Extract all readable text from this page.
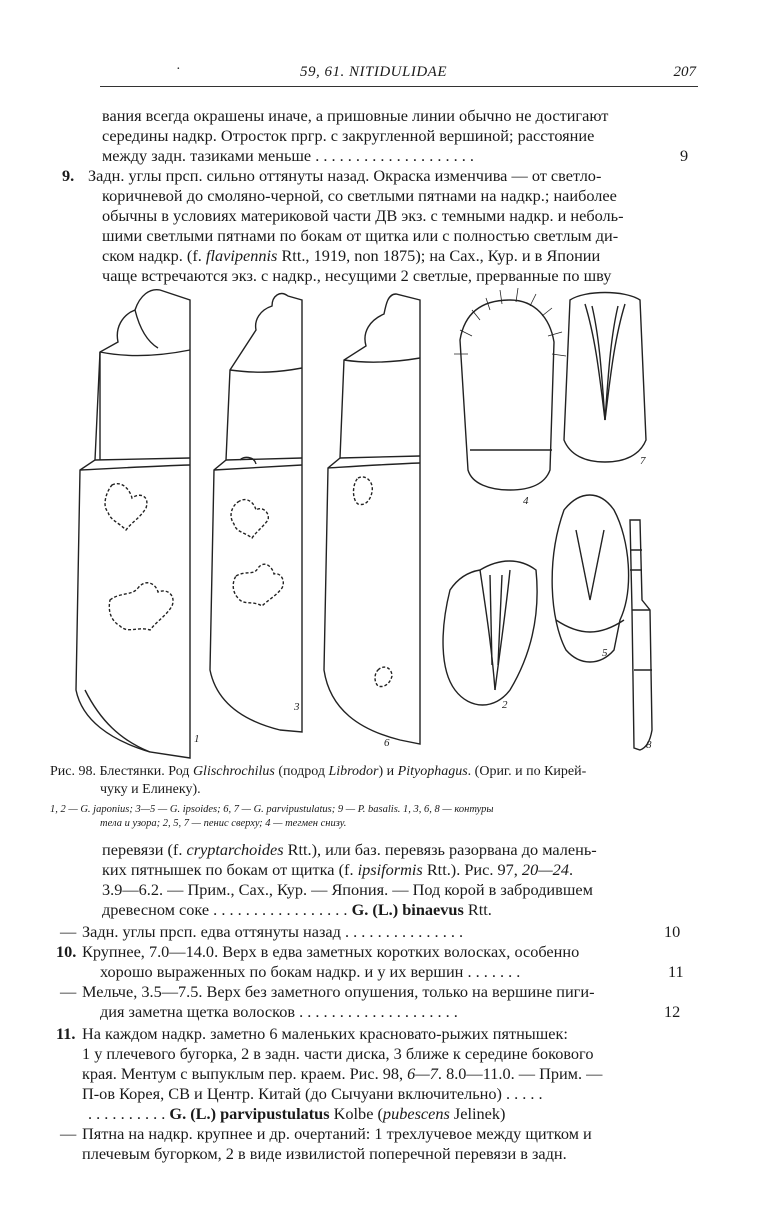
·	59, 61. NITIDULIDAE	207
вания всегда окрашены иначе, а пришовные линии обычно не достигают
середины надкр. Отросток пргр. с закругленной вершиной; расстояние
между задн. тазиками меньше . . . . . . . . . . . . . . . . . . . .	9
9. Задн. углы прсп. сильно оттянуты назад. Окраска изменчива — от светло-
коричневой до смоляно-черной, со светлыми пятнами на надкр.; наиболее
обычны в условиях материковой части ДВ экз. с темными надкр. и неболь-
шими светлыми пятнами по бокам от щитка или с полностью светлым ди-
ском надкр. (f. flavipennis Rtt., 1919, non 1875); на Сах., Кур. и в Японии
чаще встречаются экз. с надкр., несущими 2 светлые, прерванные по шву
1
2
3
4
5
6
7
8
Рис. 98. Блестянки. Род Glischrochilus (подрод Librodor) и Pityophagus. (Ориг. и по Кирей-
чуку и Елинеку).
1, 2 — G. japonius; 3—5 — G. ipsoides; 6, 7 — G. parvipustulatus; 9 — P. basalis. 1, 3, 6, 8 — контуры
тела и узора; 2, 5, 7 — пенис сверху; 4 — тегмен снизу.
перевязи (f. cryptarchoides Rtt.), или баз. перевязь разорвана до малень-
ких пятнышек по бокам от щитка (f. ipsiformis Rtt.). Рис. 97, 20—24.
3.9—6.2. — Прим., Сах., Кур. — Япония. — Под корой в забродившем
древесном соке . . . . . . . . . . . . . . . . . G. (L.) binaevus Rtt.
— Задн. углы прсп. едва оттянуты назад . . . . . . . . . . . . . . .	10
10. Крупнее, 7.0—14.0. Верх в едва заметных коротких волосках, особенно
хорошо выраженных по бокам надкр. и у их вершин . . . . . . .	11
— Мельче, 3.5—7.5. Верх без заметного опушения, только на вершине пиги-
дия заметна щетка волосков . . . . . . . . . . . . . . . . . . . .	12
11. На каждом надкр. заметно 6 маленьких красновато-рыжих пятнышек:
1 у плечевого бугорка, 2 в задн. части диска, 3 ближе к середине бокового
края. Ментум с выпуклым пер. краем. Рис. 98, 6—7. 8.0—11.0. — Прим. —
П-ов Корея, СВ и Центр. Китай (до Сычуани включительно) . . . . .
. . . . . . . . . . G. (L.) parvipustulatus Kolbe (pubescens Jelinek)
— Пятна на надкр. крупнее и др. очертаний: 1 трехлучевое между щитком и
плечевым бугорком, 2 в виде извилистой поперечной перевязи в задн.
